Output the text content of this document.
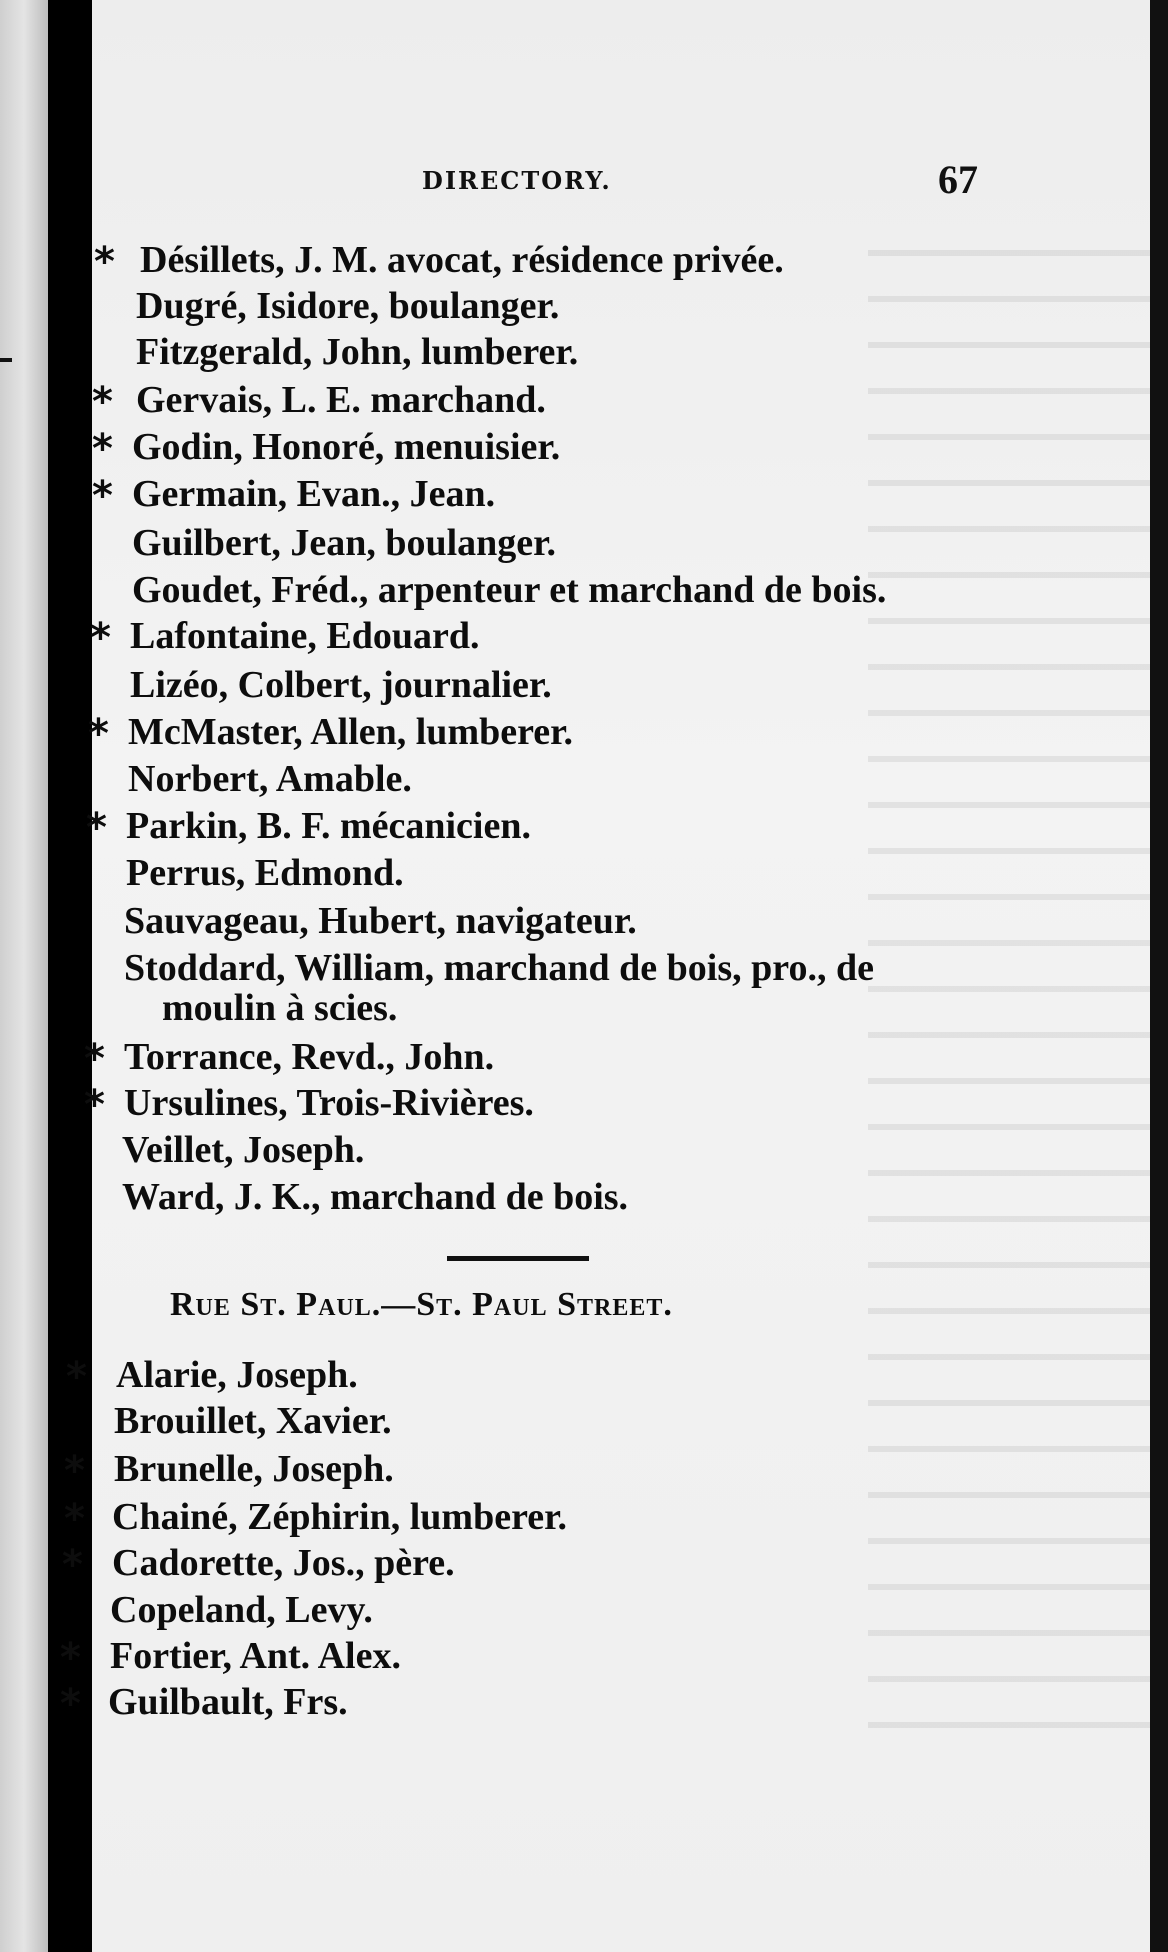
DIRECTORY.	67
* Désillets, J. M. avocat, résidence privée.
Dugré, Isidore, boulanger.
Fitzgerald, John, lumberer.
* Gervais, L. E. marchand.
* Godin, Honoré, menuisier.
* Germain, Evan., Jean.
Guilbert, Jean, boulanger.
Goudet, Fréd., arpenteur et marchand de bois.
* Lafontaine, Edouard.
Lizéo, Colbert, journalier.
* McMaster, Allen, lumberer.
Norbert, Amable.
* Parkin, B. F. mécanicien.
Perrus, Edmond.
Sauvageau, Hubert, navigateur.
Stoddard, William, marchand de bois, pro., de
moulin à scies.
* Torrance, Revd., John.
* Ursulines, Trois-Rivières.
Veillet, Joseph.
Ward, J. K., marchand de bois.
Rue St. Paul.—St. Paul Street.
* Alarie, Joseph.
Brouillet, Xavier.
* Brunelle, Joseph.
* Chainé, Zéphirin, lumberer.
* Cadorette, Jos., père.
Copeland, Levy.
* Fortier, Ant. Alex.
* Guilbault, Frs.
